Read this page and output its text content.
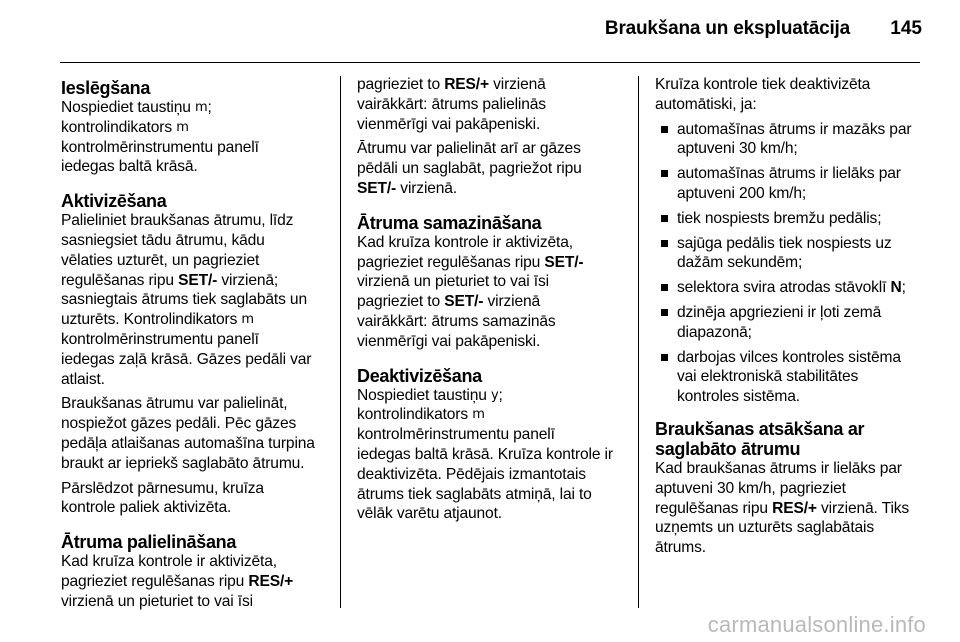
Braukšana un ekspluatācija	145
Ieslēgšana

Nospiediet taustiņu m;
kontrolindikators m
kontrolmērinstrumentu panelī
iedegas baltā krāsā.

Aktivizēšana

Palieliniet braukšanas ātrumu, līdz
sasniegsiet tādu ātrumu, kādu
vēlaties uzturēt, un pagrieziet
regulēšanas ripu SET/- virzienā;
sasniegtais ātrums tiek saglabāts un
uzturēts. Kontrolindikators m
kontrolmērinstrumentu panelī
iedegas zaļā krāsā. Gāzes pedāli var
atlaist.

Braukšanas ātrumu var palielināt,
nospiežot gāzes pedāli. Pēc gāzes
pedāļa atlaišanas automašīna turpina
braukt ar iepriekš saglabāto ātrumu.

Pārslēdzot pārnesumu, kruīza
kontrole paliek aktivizēta.

Ātruma palielināšana

Kad kruīza kontrole ir aktivizēta,
pagrieziet regulēšanas ripu RES/+
virzienā un pieturiet to vai īsi

pagrieziet to RES/+ virzienā
vairākkārt: ātrums palielinās
vienmērīgi vai pakāpeniski.

Ātrumu var palielināt arī ar gāzes
pēdāli un saglabāt, pagriežot ripu
SET/- virzienā.

Ātruma samazināšana

Kad kruīza kontrole ir aktivizēta,
pagrieziet regulēšanas ripu SET/-
virzienā un pieturiet to vai īsi
pagrieziet to SET/- virzienā
vairākkārt: ātrums samazinās
vienmērīgi vai pakāpeniski.

Deaktivizēšana

Nospiediet taustiņu y;
kontrolindikators m
kontrolmērinstrumentu panelī
iedegas baltā krāsā. Kruīza kontrole ir
deaktivizēta. Pēdējais izmantotais
ātrums tiek saglabāts atmiņā, lai to
vēlāk varētu atjaunot.

Kruīza kontrole tiek deaktivizēta
automātiski, ja:

automašīnas ātrums ir mazāks par
aptuveni 30 km/h;
automašīnas ātrums ir lielāks par
aptuveni 200 km/h;
tiek nospiests bremžu pedālis;
sajūga pedālis tiek nospiests uz
dažām sekundēm;
selektora svira atrodas stāvoklī N;
dzinēja apgriezieni ir ļoti zemā
diapazonā;
darbojas vilces kontroles sistēma
vai elektroniskā stabilitātes
kontroles sistēma.
Braukšanas atsākšana ar
saglabāto ātrumu

Kad braukšanas ātrums ir lielāks par
aptuveni 30 km/h, pagrieziet
regulēšanas ripu RES/+ virzienā. Tiks
uzņemts un uzturēts saglabātais
ātrums.

carmanualsonline.info
